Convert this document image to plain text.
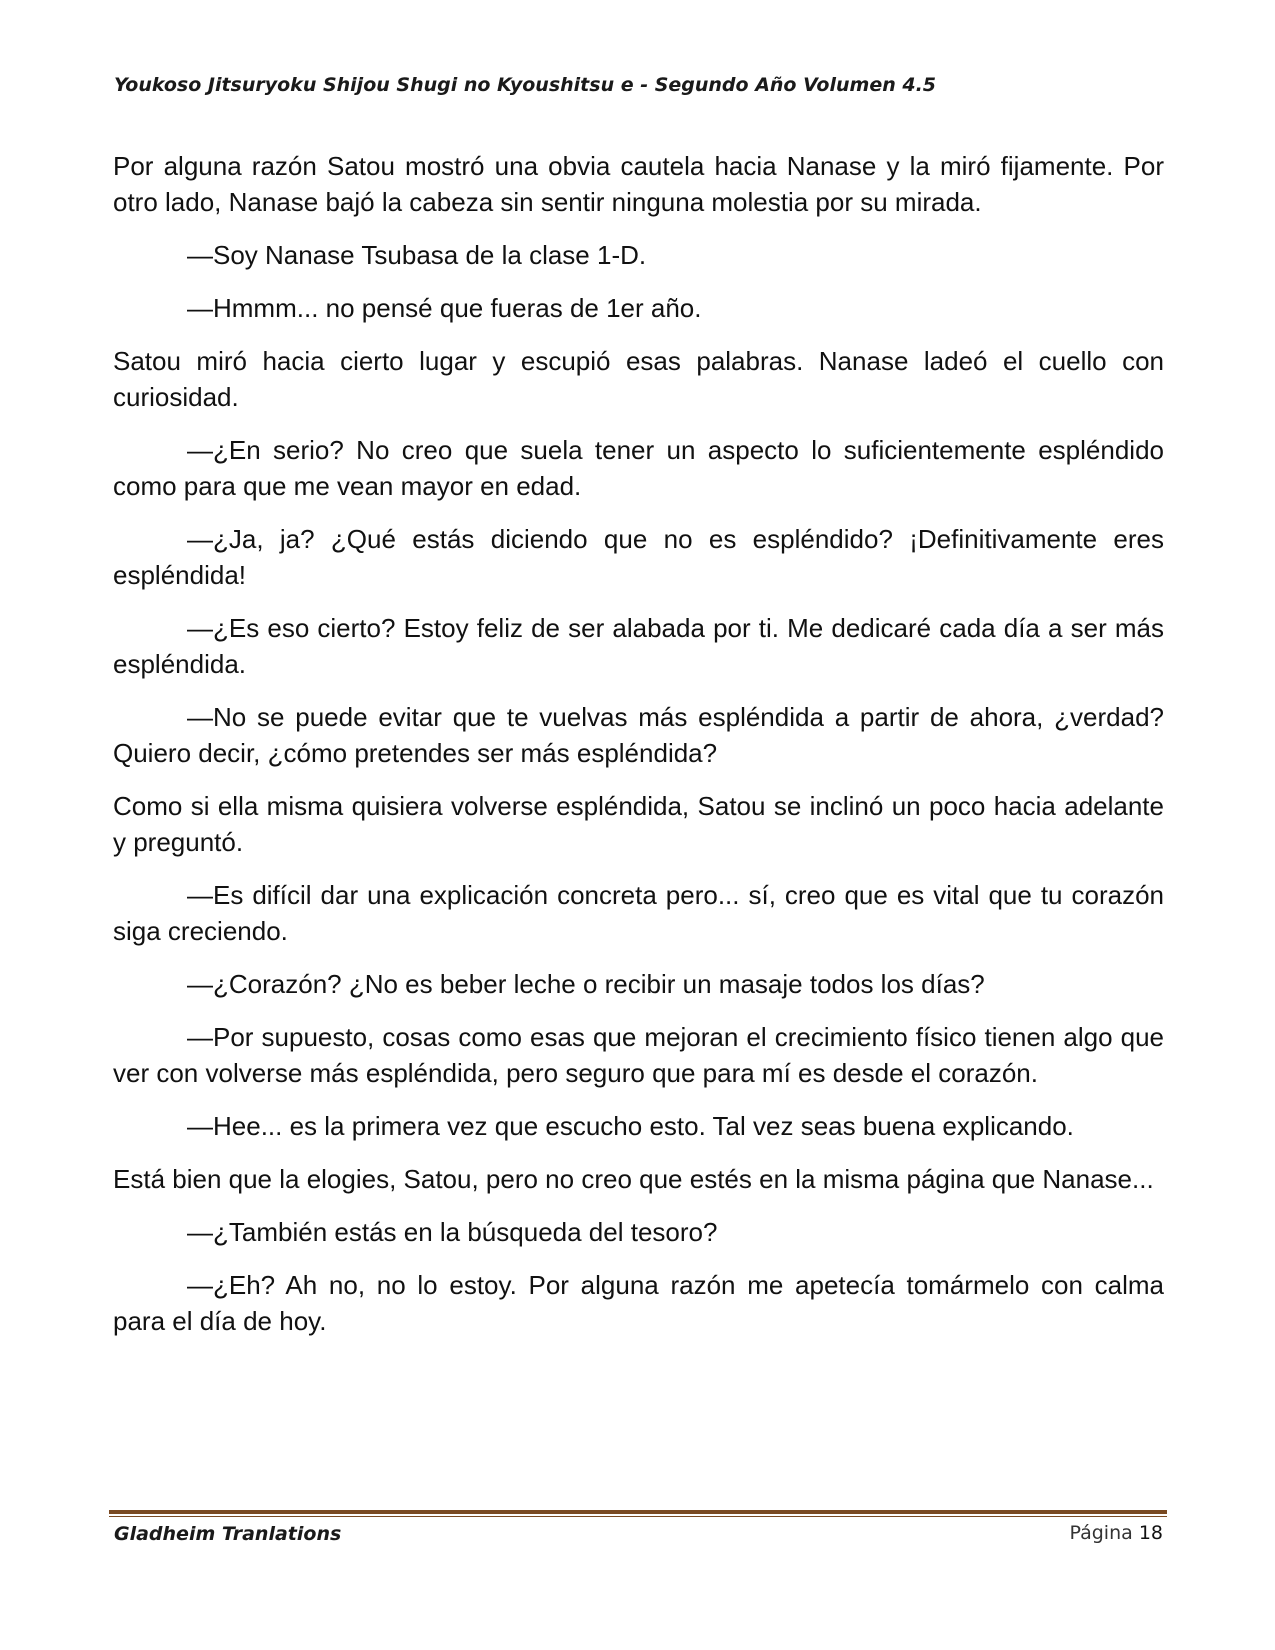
Youkoso Jitsuryoku Shijou Shugi no Kyoushitsu e - Segundo Año Volumen 4.5

Por alguna razón Satou mostró una obvia cautela hacia Nanase y la miró fijamente. Por otro lado, Nanase bajó la cabeza sin sentir ninguna molestia por su mirada.

—Soy Nanase Tsubasa de la clase 1-D.

—Hmmm... no pensé que fueras de 1er año.

Satou miró hacia cierto lugar y escupió esas palabras. Nanase ladeó el cuello con curiosidad.

—¿En serio? No creo que suela tener un aspecto lo suficientemente espléndido como para que me vean mayor en edad.

—¿Ja, ja? ¿Qué estás diciendo que no es espléndido? ¡Definitivamente eres espléndida!

—¿Es eso cierto? Estoy feliz de ser alabada por ti. Me dedicaré cada día a ser más espléndida.

—No se puede evitar que te vuelvas más espléndida a partir de ahora, ¿verdad? Quiero decir, ¿cómo pretendes ser más espléndida?

Como si ella misma quisiera volverse espléndida, Satou se inclinó un poco hacia adelante y preguntó.

—Es difícil dar una explicación concreta pero... sí, creo que es vital que tu corazón siga creciendo.

—¿Corazón? ¿No es beber leche o recibir un masaje todos los días?

—Por supuesto, cosas como esas que mejoran el crecimiento físico tienen algo que ver con volverse más espléndida, pero seguro que para mí es desde el corazón.

—Hee... es la primera vez que escucho esto. Tal vez seas buena explicando.

Está bien que la elogies, Satou, pero no creo que estés en la misma página que Nanase...

—¿También estás en la búsqueda del tesoro?

—¿Eh? Ah no, no lo estoy. Por alguna razón me apetecía tomármelo con calma para el día de hoy.

Gladheim Tranlations	Página 18
